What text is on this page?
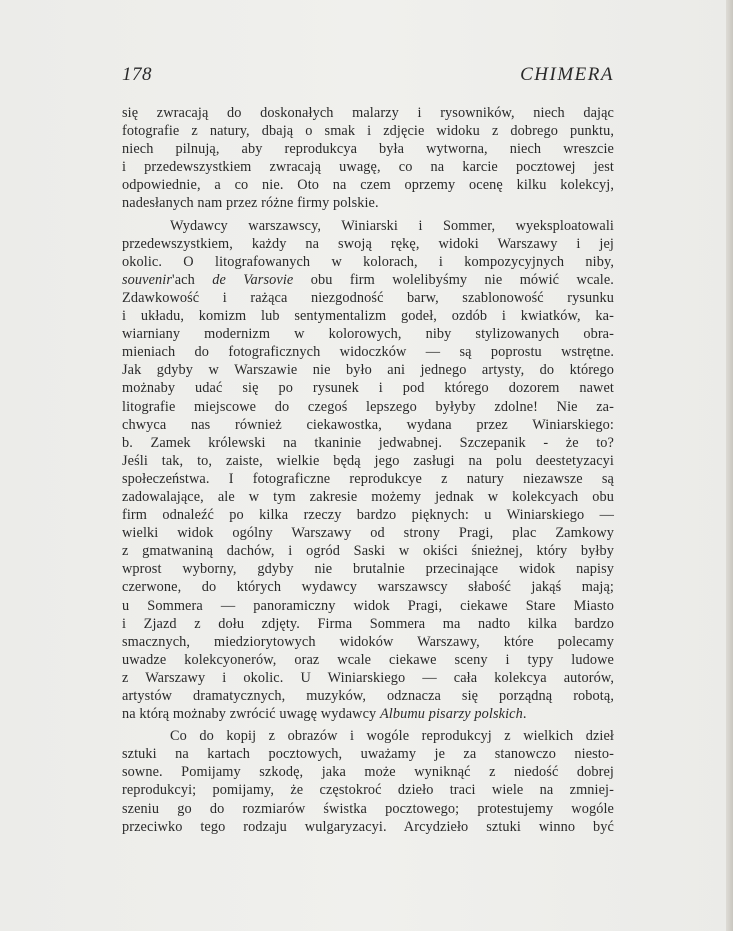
178	CHIMERA
się zwracają do doskonałych malarzy i rysowników, niech dając
fotografie z natury, dbają o smak i zdjęcie widoku z dobrego punktu,
niech pilnują, aby reprodukcya była wytworna, niech wreszcie
i przedewszystkiem zwracają uwagę, co na karcie pocztowej jest
odpowiednie, a co nie. Oto na czem oprzemy ocenę kilku kolekcyj,
nadesłanych nam przez różne firmy polskie.
Wydawcy warszawscy, Winiarski i Sommer, wyeksploatowali
przedewszystkiem, każdy na swoją rękę, widoki Warszawy i jej
okolic. O litografowanych w kolorach, i kompozycyjnych niby,
souvenir'ach de Varsovie obu firm wolelibyśmy nie mówić wcale.
Zdawkowość i rażąca niezgodność barw, szablonowość rysunku
i układu, komizm lub sentymentalizm godeł, ozdób i kwiatków, ka-
wiarniany modernizm w kolorowych, niby stylizowanych obra-
mieniach do fotograficznych widoczków — są poprostu wstrętne.
Jak gdyby w Warszawie nie było ani jednego artysty, do którego
możnaby udać się po rysunek i pod którego dozorem nawet
litografie miejscowe do czegoś lepszego byłyby zdolne! Nie za-
chwyca nas również ciekawostka, wydana przez Winiarskiego:
b. Zamek królewski na tkaninie jedwabnej. Szczepanik - że to?
Jeśli tak, to, zaiste, wielkie będą jego zasługi na polu deestetyzacyi
społeczeństwa. I fotograficzne reprodukcye z natury niezawsze są
zadowalające, ale w tym zakresie możemy jednak w kolekcyach obu
firm odnaleźć po kilka rzeczy bardzo pięknych: u Winiarskiego —
wielki widok ogólny Warszawy od strony Pragi, plac Zamkowy
z gmatwaniną dachów, i ogród Saski w okiści śnieżnej, który byłby
wprost wyborny, gdyby nie brutalnie przecinające widok napisy
czerwone, do których wydawcy warszawscy słabość jakąś mają;
u Sommera — panoramiczny widok Pragi, ciekawe Stare Miasto
i Zjazd z dołu zdjęty. Firma Sommera ma nadto kilka bardzo
smacznych, miedziorytowych widoków Warszawy, które polecamy
uwadze kolekcyonerów, oraz wcale ciekawe sceny i typy ludowe
z Warszawy i okolic. U Winiarskiego — cała kolekcya autorów,
artystów dramatycznych, muzyków, odznacza się porządną robotą,
na którą możnaby zwrócić uwagę wydawcy Albumu pisarzy polskich.
Co do kopij z obrazów i wogóle reprodukcyj z wielkich dzieł
sztuki na kartach pocztowych, uważamy je za stanowczo niesto-
sowne. Pomijamy szkodę, jaka może wyniknąć z niedość dobrej
reprodukcyi; pomijamy, że częstokroć dzieło traci wiele na zmniej-
szeniu go do rozmiarów świstka pocztowego; protestujemy wogóle
przeciwko tego rodzaju wulgaryzacyi. Arcydzieło sztuki winno być
